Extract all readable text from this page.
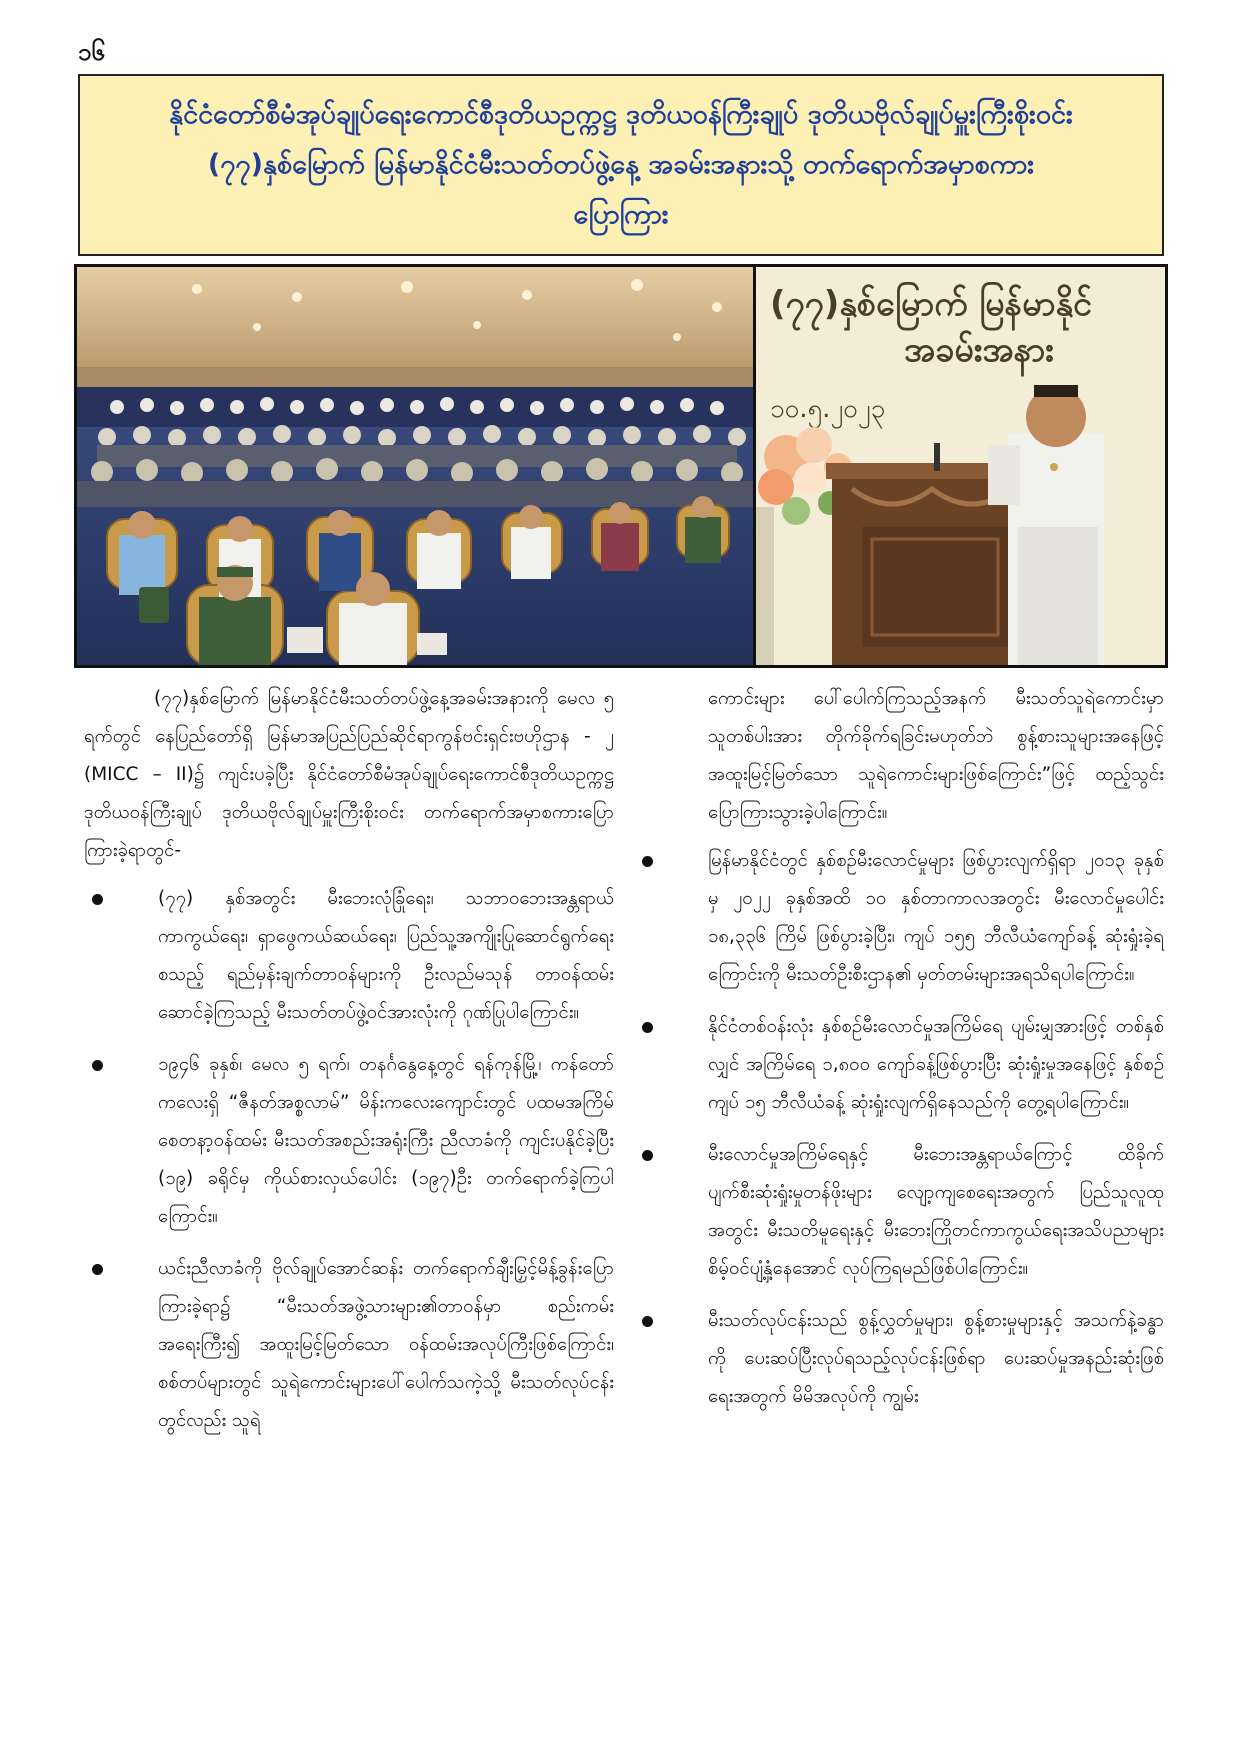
၁၆
နိုင်ငံတော်စီမံအုပ်ချုပ်ရေးကောင်စီဒုတိယဥက္ကဋ္ဌ ဒုတိယဝန်ကြီးချုပ် ဒုတိယဗိုလ်ချုပ်မှူးကြီးစိုးဝင်း
(၇၇)နှစ်မြောက် မြန်မာနိုင်ငံမီးသတ်တပ်ဖွဲ့နေ့ အခမ်းအနားသို့ တက်ရောက်အမှာစကား
ပြောကြား
(၇၇)နှစ်မြောက် မြန်မာနိုင်
အခမ်းအနား
၁၀.၅.၂၀၂၃

(၇၇)နှစ်မြောက် မြန်မာနိုင်ငံမီးသတ်တပ်ဖွဲ့နေ့အခမ်းအနားကို မေလ ၅ ရက်တွင် နေပြည်တော်ရှိ မြန်မာအပြည်ပြည်ဆိုင်ရာကွန်ဗင်းရှင်းဗဟိုဌာန - ၂ (MICC – II)၌ ကျင်းပခဲ့ပြီး နိုင်ငံတော်စီမံအုပ်ချုပ်ရေးကောင်စီဒုတိယဥက္ကဋ္ဌ ဒုတိယဝန်ကြီးချုပ် ဒုတိယဗိုလ်ချုပ်မှူးကြီးစိုးဝင်း တက်ရောက်အမှာစကားပြောကြားခဲ့ရာတွင်-

(၇၇) နှစ်အတွင်း မီးဘေးလုံခြုံရေး၊ သဘာဝဘေးအန္တရာယ်ကာကွယ်ရေး၊ ရှာဖွေကယ်ဆယ်ရေး၊ ပြည်သူ့အကျိုးပြုဆောင်ရွက်ရေးစသည့် ရည်မှန်းချက်တာဝန်များကို ဦးလည်မသုန် တာဝန်ထမ်းဆောင်ခဲ့ကြသည့် မီးသတ်တပ်ဖွဲ့ဝင်အားလုံးကို ဂုဏ်ပြုပါကြောင်း။
၁၉၄၆ ခုနှစ်၊ မေလ ၅ ရက်၊ တနင်္ဂနွေနေ့တွင် ရန်ကုန်မြို့၊ ကန်တော်ကလေးရှိ “ဇီနတ်အစ္စလာမ်” မိန်းကလေးကျောင်းတွင် ပထမအကြိမ် စေတနာ့ဝန်ထမ်း မီးသတ်အစည်းအရုံးကြီး ညီလာခံကို ကျင်းပနိုင်ခဲ့ပြီး (၁၉) ခရိုင်မှ ကိုယ်စားလှယ်ပေါင်း (၁၉၇)ဦး တက်ရောက်ခဲ့ကြပါကြောင်း။
ယင်းညီလာခံကို ဗိုလ်ချုပ်အောင်ဆန်း တက်ရောက်ချီးမြှင့်မိန့်ခွန်းပြောကြားခဲ့ရာ၌ “မီးသတ်အဖွဲ့သားများ၏တာဝန်မှာ စည်းကမ်းအရေးကြီး၍ အထူးမြင့်မြတ်သော ဝန်ထမ်းအလုပ်ကြီးဖြစ်ကြောင်း၊ စစ်တပ်များတွင် သူရဲကောင်းများပေါ်ပေါက်သကဲ့သို့ မီးသတ်လုပ်ငန်းတွင်လည်း သူရဲ

ကောင်းများ ပေါ်ပေါက်ကြသည့်အနက် မီးသတ်သူရဲကောင်းမှာ သူတစ်ပါးအား တိုက်ခိုက်ရခြင်းမဟုတ်ဘဲ စွန့်စားသူများအနေဖြင့် အထူးမြင့်မြတ်သော သူရဲကောင်းများဖြစ်ကြောင်း”ဖြင့် ထည့်သွင်းပြောကြားသွားခဲ့ပါကြောင်း။

မြန်မာနိုင်ငံတွင် နှစ်စဉ်မီးလောင်မှုများ ဖြစ်ပွားလျက်ရှိရာ ၂၀၁၃ ခုနှစ်မှ ၂၀၂၂ ခုနှစ်အထိ ၁၀ နှစ်တာကာလအတွင်း မီးလောင်မှုပေါင်း ၁၈,၃၃၆ ကြိမ် ဖြစ်ပွားခဲ့ပြီး၊ ကျပ် ၁၅၅ ဘီလီယံကျော်ခန့် ဆုံးရှုံးခဲ့ရကြောင်းကို မီးသတ်ဦးစီးဌာန၏ မှတ်တမ်းများအရသိရပါကြောင်း။
နိုင်ငံတစ်ဝန်းလုံး နှစ်စဉ်မီးလောင်မှုအကြိမ်ရေ ပျမ်းမျှအားဖြင့် တစ်နှစ်လျှင် အကြိမ်ရေ ၁,၈၀၀ ကျော်ခန့်ဖြစ်ပွားပြီး ဆုံးရှုံးမှုအနေဖြင့် နှစ်စဉ် ကျပ် ၁၅ ဘီလီယံခန့် ဆုံးရှုံးလျက်ရှိနေသည်ကို တွေ့ရပါကြောင်း။
မီးလောင်မှုအကြိမ်ရေနှင့် မီးဘေးအန္တရာယ်ကြောင့် ထိခိုက်ပျက်စီးဆုံးရှုံးမှုတန်ဖိုးများ လျော့ကျစေရေးအတွက် ပြည်သူလူထုအတွင်း မီးသတိမူရေးနှင့် မီးဘေးကြိုတင်ကာကွယ်ရေးအသိပညာများ စိမ့်ဝင်ပျံ့နှံ့နေအောင် လုပ်ကြရမည်ဖြစ်ပါကြောင်း။
မီးသတ်လုပ်ငန်းသည် စွန့်လွှတ်မှုများ၊ စွန့်စားမှုများနှင့် အသက်နဲ့ခန္ဓာကို ပေးဆပ်ပြီးလုပ်ရသည့်လုပ်ငန်းဖြစ်ရာ ပေးဆပ်မှုအနည်းဆုံးဖြစ်ရေးအတွက် မိမိအလုပ်ကို ကျွမ်း
